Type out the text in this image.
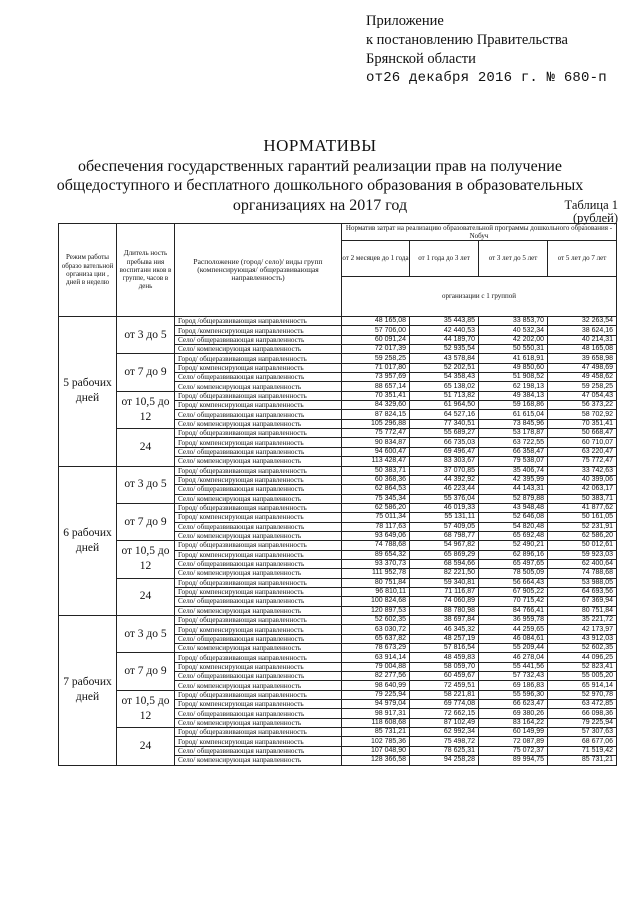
Приложение
к постановлению Правительства
Брянской области
от26 декабря 2016 г. № 680-п
НОРМАТИВЫ
обеспечения государственных гарантий реализации прав на получение
общедоступного и бесплатного дошкольного образования в образовательных
организациях на 2017 год	Таблица 1
(рублей)
Режим работы образо вательной организа ции , дней в неделю	Длитель ность пребыва ния воспитанн иков в группе, часов в день	Расположение (город/ село)/ виды групп (компенсирующая/ общеразвивающая направленность)	Норматив затрат на реализацию образовательной программы дошкольного образования - Nобуч			
			от 2 месяцев до 1 года	от 1 года до 3 лет	от 3 лет до 5 лет	от 5 лет до 7 лет
			организации с 1 группой			
5 рабочих дней	от 3 до 5	Город /общеразвивающая направленность	48 165,08	35 443,85	33 853,70	32 263,54
		Город /компенсирующая направленность	57 706,00	42 440,53	40 532,34	38 624,16
		Село/ общеразвивающая направленность	60 091,24	44 189,70	42 202,00	40 214,31
		Село/ компенсирующая направленность	72 017,39	52 935,54	50 550,31	48 165,08
	от 7 до 9	Город/ общеразвивающая направленность	59 258,25	43 578,84	41 618,91	39 658,98
		Город/ компенсирующая направленность	71 017,80	52 202,51	49 850,60	47 498,69
		Село/ общеразвивающая направленность	73 957,69	54 358,43	51 908,52	49 458,62
		Село/ компенсирующая направленность	88 657,14	65 138,02	62 198,13	59 258,25
	от 10,5 до 12	Город/ общеразвивающая направленность	70 351,41	51 713,82	49 384,13	47 054,43
		Город/ компенсирующая направленность	84 329,60	61 964,50	59 168,86	56 373,22
		Село/ общеразвивающая направленность	87 824,15	64 527,16	61 615,04	58 702,92
		Село/ компенсирующая направленность	105 296,88	77 340,51	73 845,96	70 351,41
	24	Город/ общеразвивающая направленность	75 772,47	55 689,27	53 178,87	50 668,47
		Город/ компенсирующая направленность	90 834,87	66 735,03	63 722,55	60 710,07
		Село/ общеразвивающая направленность	94 600,47	69 496,47	66 358,47	63 220,47
		Село/ компенсирующая направленность	113 428,47	83 303,67	79 538,07	75 772,47
6 рабочих дней	от 3 до 5	Город/ общеразвивающая направленность	50 383,71	37 070,85	35 406,74	33 742,63
		Город /компенсирующая направленность	60 368,36	44 392,92	42 395,99	40 399,06
		Село/ общеразвивающая направленность	62 864,53	46 223,44	44 143,31	42 063,17
		Село/ компенсирующая направленность	75 345,34	55 376,04	52 879,88	50 383,71
	от 7 до 9	Город/ общеразвивающая направленность	62 586,20	46 019,33	43 948,48	41 877,62
		Город/ компенсирующая направленность	75 011,34	55 131,11	52 646,08	50 161,05
		Село/ общеразвивающая направленность	78 117,63	57 409,05	54 820,48	52 231,91
		Село/ компенсирующая направленность	93 649,06	68 798,77	65 692,48	62 586,20
	от 10,5 до 12	Город/ общеразвивающая направленность	74 788,68	54 967,82	52 490,21	50 012,61
		Город/ компенсирующая направленность	89 654,32	65 869,29	62 896,16	59 923,03
		Село/ общеразвивающая направленность	93 370,73	68 594,66	65 497,65	62 400,64
		Село/ компенсирующая направленность	111 952,78	82 221,50	78 505,09	74 788,68
	24	Город/ общеразвивающая направленность	80 751,84	59 340,81	56 664,43	53 988,05
		Город/ компенсирующая направленность	96 810,11	71 116,87	67 905,22	64 693,56
		Село/ общеразвивающая направленность	100 824,68	74 060,89	70 715,42	67 369,94
		Село/ компенсирующая направленность	120 897,53	88 780,98	84 766,41	80 751,84
7 рабочих дней	от 3 до 5	Город/ общеразвивающая направленность	52 602,35	38 697,84	36 959,78	35 221,72
		Город/ компенсирующая направленность	63 030,72	46 345,32	44 259,65	42 173,97
		Село/ общеразвивающая направленность	65 637,82	48 257,19	46 084,61	43 912,03
		Село/ компенсирующая направленность	78 673,29	57 816,54	55 209,44	52 602,35
	от 7 до 9	Город/ общеразвивающая направленность	63 914,14	48 459,83	46 278,04	44 096,25
		Город/ компенсирующая направленность	79 004,88	58 059,70	55 441,56	52 823,41
		Село/ общеразвивающая направленность	82 277,56	60 459,67	57 732,43	55 005,20
		Село/ компенсирующая направленность	98 640,99	72 459,51	69 186,83	65 914,14
	от 10,5 до 12	Город/ общеразвивающая направленность	79 225,94	58 221,81	55 596,30	52 970,78
		Город/ компенсирующая направленность	94 979,04	69 774,08	66 623,47	63 472,85
		Село/ общеразвивающая направленность	98 917,31	72 662,15	69 380,26	66 098,36
		Село/ компенсирующая направленность	118 608,68	87 102,49	83 164,22	79 225,94
	24	Город/ общеразвивающая направленность	85 731,21	62 992,34	60 149,99	57 307,63
		Город/ компенсирующая направленность	102 785,36	75 498,72	72 087,89	68 677,06
		Село/ общеразвивающая направленность	107 048,90	78 625,31	75 072,37	71 519,42
		Село/ компенсирующая направленность	128 366,58	94 258,28	89 994,75	85 731,21
